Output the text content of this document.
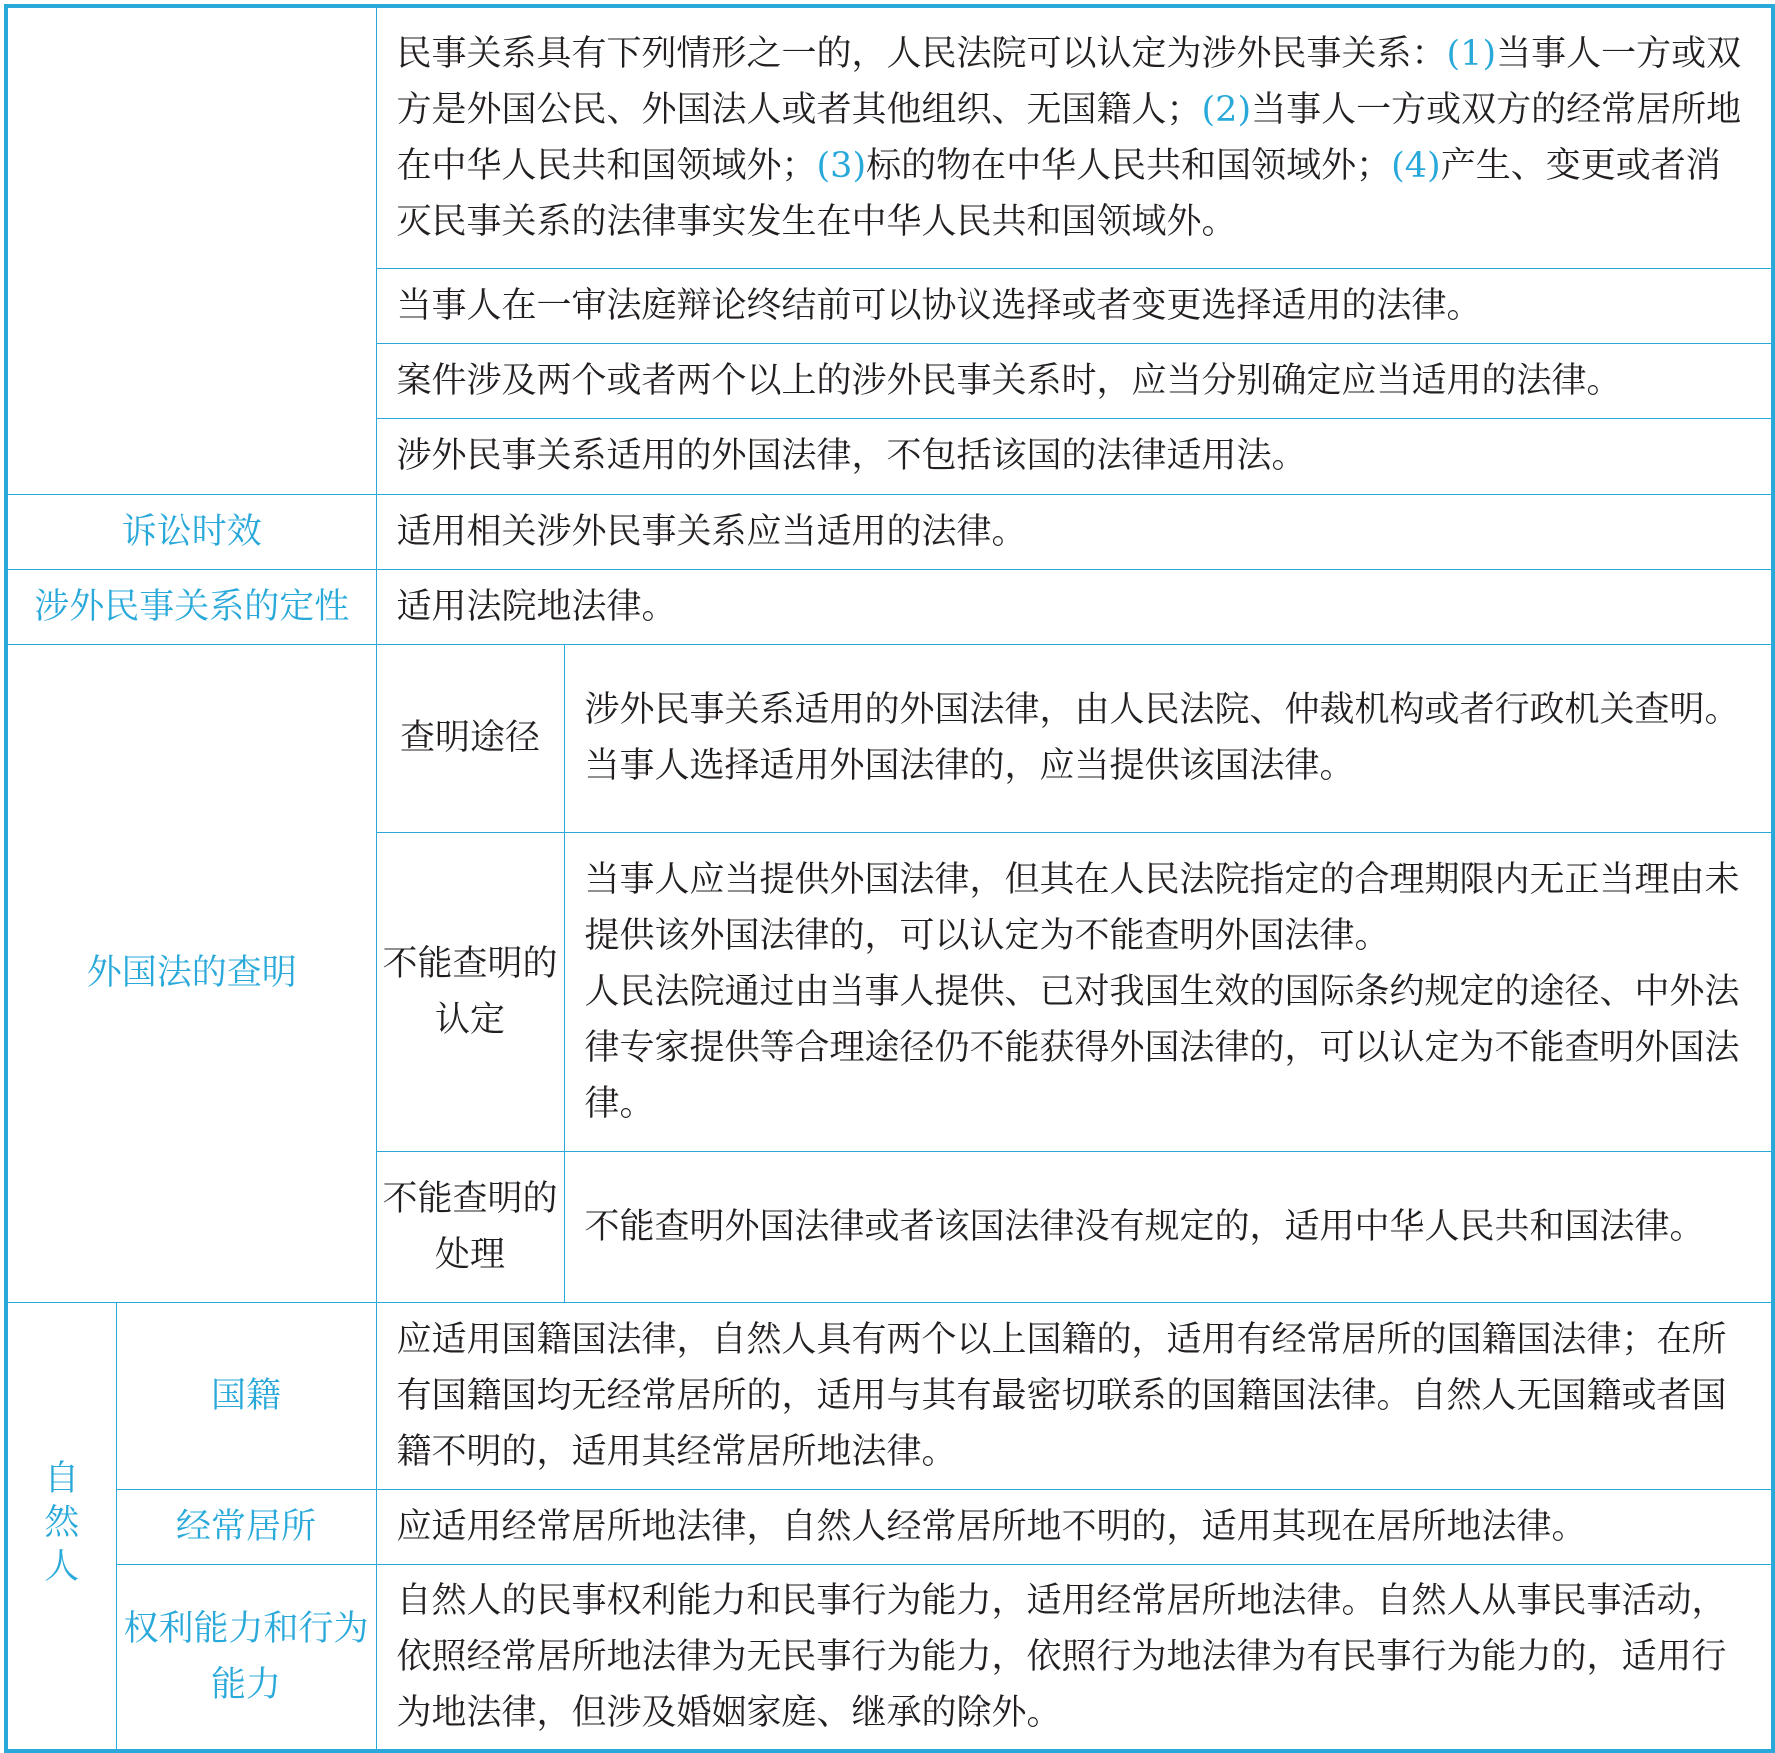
		民事关系具有下列情形之一的，人民法院可以认定为涉外民事关系：(1)当事人一方或双方是外国公民、外国法人或者其他组织、无国籍人；(2)当事人一方或双方的经常居所地在中华人民共和国领域外；(3)标的物在中华人民共和国领域外；(4)产生、变更或者消灭民事关系的法律事实发生在中华人民共和国领域外。	
		当事人在一审法庭辩论终结前可以协议选择或者变更选择适用的法律。	
		案件涉及两个或者两个以上的涉外民事关系时，应当分别确定应当适用的法律。	
		涉外民事关系适用的外国法律，不包括该国的法律适用法。	
诉讼时效		适用相关涉外民事关系应当适用的法律。	
涉外民事关系的定性		适用法院地法律。	
外国法的查明		查明途径	涉外民事关系适用的外国法律，由人民法院、仲裁机构或者行政机关查明。
当事人选择适用外国法律的，应当提供该国法律。

		不能查明的认定	当事人应当提供外国法律，但其在人民法院指定的合理期限内无正当理由未提供该外国法律的，可以认定为不能查明外国法律。
人民法院通过由当事人提供、已对我国生效的国际条约规定的途径、中外法律专家提供等合理途径仍不能获得外国法律的，可以认定为不能查明外国法律。

		不能查明的处理	不能查明外国法律或者该国法律没有规定的，适用中华人民共和国法律。
自然人	国籍	应适用国籍国法律，自然人具有两个以上国籍的，适用有经常居所的国籍国法律；在所有国籍国均无经常居所的，适用与其有最密切联系的国籍国法律。自然人无国籍或者国籍不明的，适用其经常居所地法律。	
	经常居所	应适用经常居所地法律，自然人经常居所地不明的，适用其现在居所地法律。	
	权利能力和行为能力	自然人的民事权利能力和民事行为能力，适用经常居所地法律。自然人从事民事活动，依照经常居所地法律为无民事行为能力，依照行为地法律为有民事行为能力的，适用行为地法律，但涉及婚姻家庭、继承的除外。	
